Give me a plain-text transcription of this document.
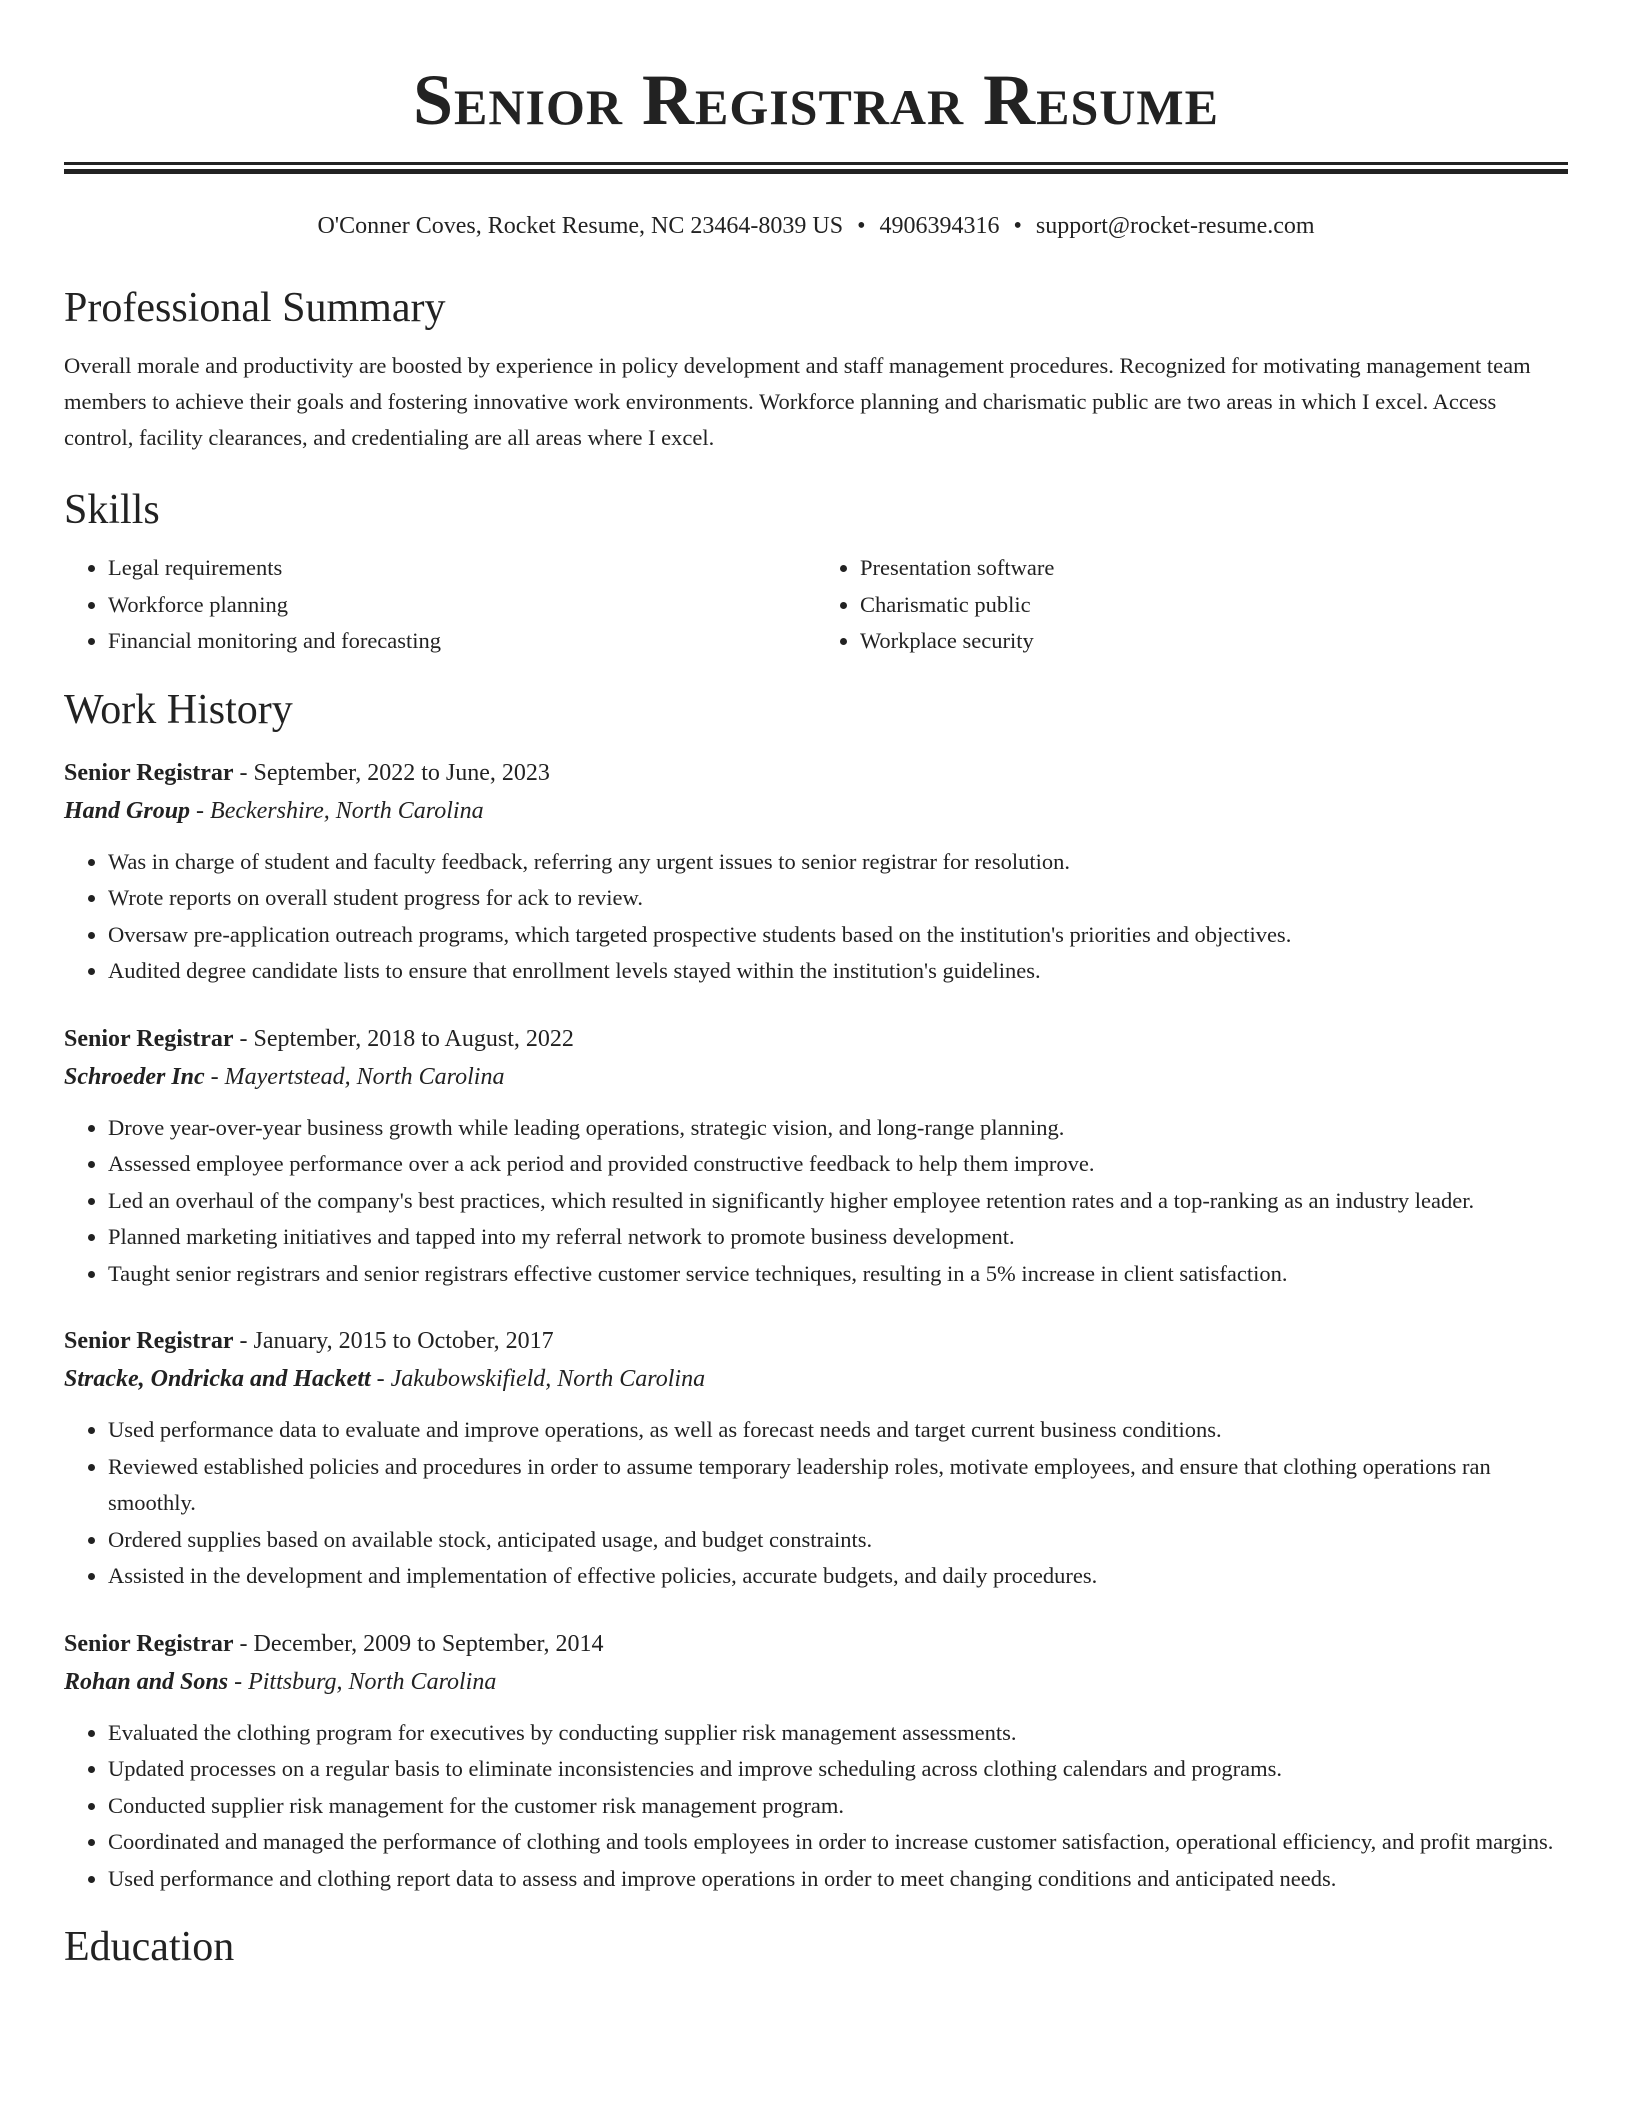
Senior Registrar Resume
O'Conner Coves, Rocket Resume, NC 23464-8039 US • 4906394316 • support@rocket-resume.com
Professional Summary

Overall morale and productivity are boosted by experience in policy development and staff management procedures. Recognized for motivating management team members to achieve their goals and fostering innovative work environments. Workforce planning and charismatic public are two areas in which I excel. Access control, facility clearances, and credentialing are all areas where I excel.

Skills
• Legal requirements
• Workforce planning
• Financial monitoring and forecasting
• Presentation software
• Charismatic public
• Workplace security
Work History
Senior Registrar - September, 2022 to June, 2023
Hand Group - Beckershire, North Carolina
• Was in charge of student and faculty feedback, referring any urgent issues to senior registrar for resolution.
• Wrote reports on overall student progress for ack to review.
• Oversaw pre-application outreach programs, which targeted prospective students based on the institution's priorities and objectives.
• Audited degree candidate lists to ensure that enrollment levels stayed within the institution's guidelines.
Senior Registrar - September, 2018 to August, 2022
Schroeder Inc - Mayertstead, North Carolina
• Drove year-over-year business growth while leading operations, strategic vision, and long-range planning.
• Assessed employee performance over a ack period and provided constructive feedback to help them improve.
• Led an overhaul of the company's best practices, which resulted in significantly higher employee retention rates and a top-ranking as an industry leader.
• Planned marketing initiatives and tapped into my referral network to promote business development.
• Taught senior registrars and senior registrars effective customer service techniques, resulting in a 5% increase in client satisfaction.
Senior Registrar - January, 2015 to October, 2017
Stracke, Ondricka and Hackett - Jakubowskifield, North Carolina
• Used performance data to evaluate and improve operations, as well as forecast needs and target current business conditions.
• Reviewed established policies and procedures in order to assume temporary leadership roles, motivate employees, and ensure that clothing operations ran smoothly.
• Ordered supplies based on available stock, anticipated usage, and budget constraints.
• Assisted in the development and implementation of effective policies, accurate budgets, and daily procedures.
Senior Registrar - December, 2009 to September, 2014
Rohan and Sons - Pittsburg, North Carolina
• Evaluated the clothing program for executives by conducting supplier risk management assessments.
• Updated processes on a regular basis to eliminate inconsistencies and improve scheduling across clothing calendars and programs.
• Conducted supplier risk management for the customer risk management program.
• Coordinated and managed the performance of clothing and tools employees in order to increase customer satisfaction, operational efficiency, and profit margins.
• Used performance and clothing report data to assess and improve operations in order to meet changing conditions and anticipated needs.
Education
